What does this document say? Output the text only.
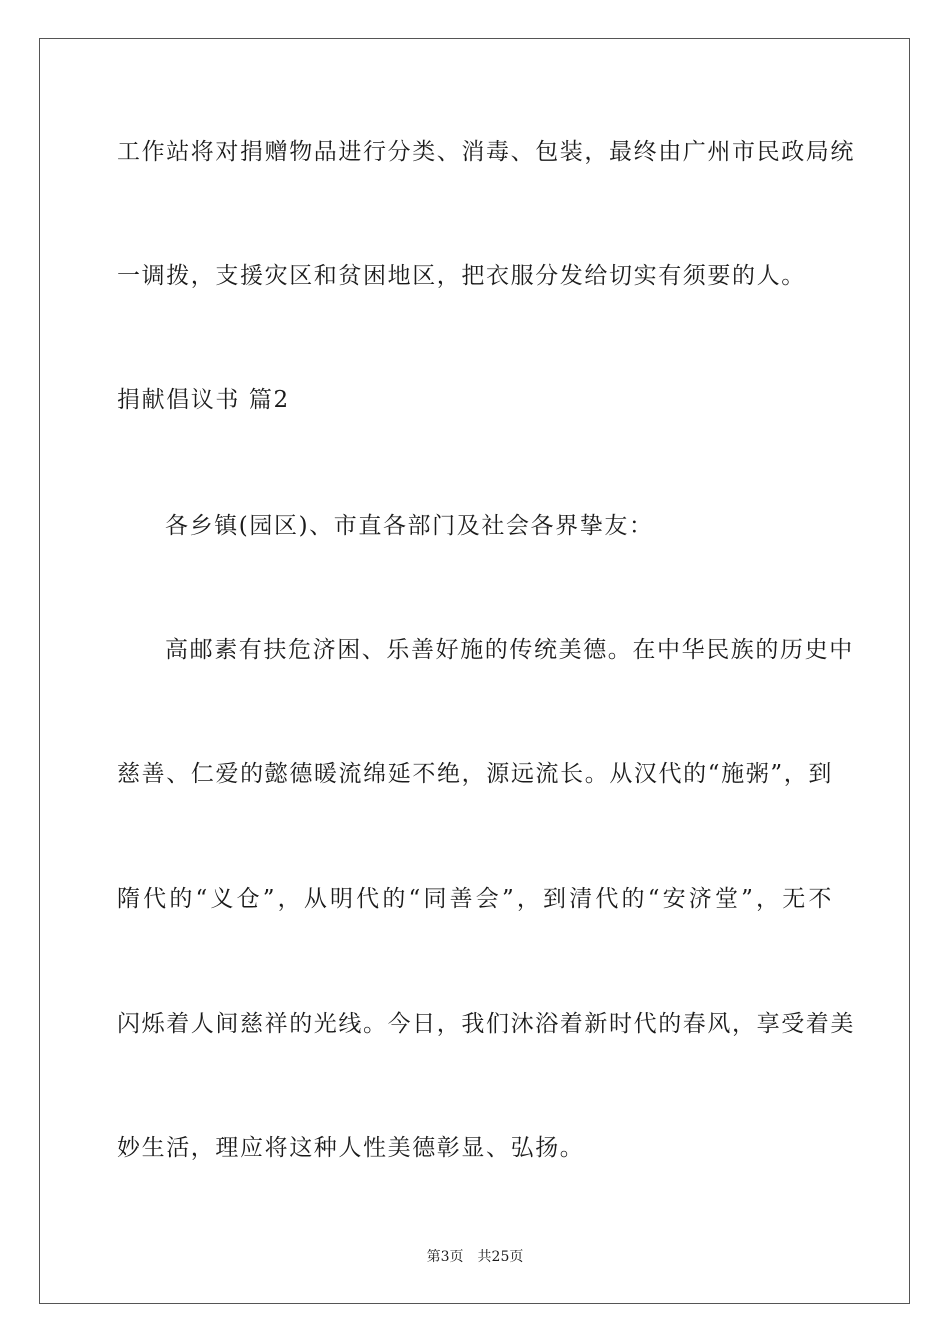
工作站将对捐赠物品进行分类、消毒、包装，最终由广州市民政局统
一调拨，支援灾区和贫困地区，把衣服分发给切实有须要的人。
捐献倡议书 篇2
各乡镇(园区)、市直各部门及社会各界挚友：
高邮素有扶危济困、乐善好施的传统美德。在中华民族的历史中
慈善、仁爱的懿德暖流绵延不绝，源远流长。从汉代的“施粥”，到
隋代的“义仓”，从明代的“同善会”，到清代的“安济堂”，无不
闪烁着人间慈祥的光线。今日，我们沐浴着新时代的春风，享受着美
妙生活，理应将这种人性美德彰显、弘扬。
第3页 共25页
